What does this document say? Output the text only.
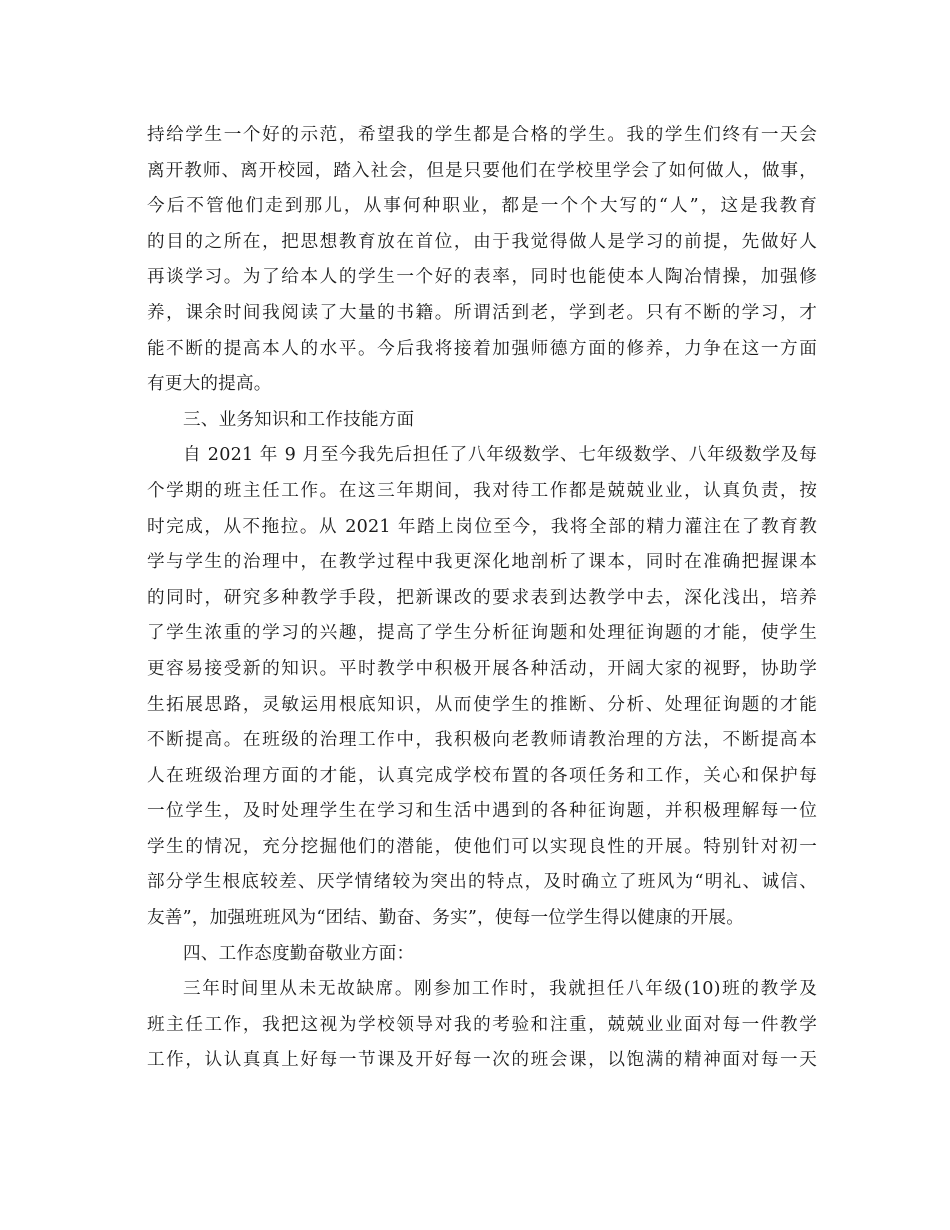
持给学生一个好的示范，希望我的学生都是合格的学生。我的学生们终有一天会
离开教师、离开校园，踏入社会，但是只要他们在学校里学会了如何做人，做事，
今后不管他们走到那儿，从事何种职业，都是一个个大写的“人”，这是我教育
的目的之所在，把思想教育放在首位，由于我觉得做人是学习的前提，先做好人
再谈学习。为了给本人的学生一个好的表率，同时也能使本人陶冶情操，加强修
养，课余时间我阅读了大量的书籍。所谓活到老，学到老。只有不断的学习，才
能不断的提高本人的水平。今后我将接着加强师德方面的修养，力争在这一方面
有更大的提高。
三、业务知识和工作技能方面
自 2021 年 9 月至今我先后担任了八年级数学、七年级数学、八年级数学及每
个学期的班主任工作。在这三年期间，我对待工作都是兢兢业业，认真负责，按
时完成，从不拖拉。从 2021 年踏上岗位至今，我将全部的精力灌注在了教育教
学与学生的治理中，在教学过程中我更深化地剖析了课本，同时在准确把握课本
的同时，研究多种教学手段，把新课改的要求表到达教学中去，深化浅出，培养
了学生浓重的学习的兴趣，提高了学生分析征询题和处理征询题的才能，使学生
更容易接受新的知识。平时教学中积极开展各种活动，开阔大家的视野，协助学
生拓展思路，灵敏运用根底知识，从而使学生的推断、分析、处理征询题的才能
不断提高。在班级的治理工作中，我积极向老教师请教治理的方法，不断提高本
人在班级治理方面的才能，认真完成学校布置的各项任务和工作，关心和保护每
一位学生，及时处理学生在学习和生活中遇到的各种征询题，并积极理解每一位
学生的情况，充分挖掘他们的潜能，使他们可以实现良性的开展。特别针对初一
部分学生根底较差、厌学情绪较为突出的特点，及时确立了班风为“明礼、诚信、
友善”，加强班班风为“团结、勤奋、务实”，使每一位学生得以健康的开展。
四、工作态度勤奋敬业方面：
三年时间里从未无故缺席。刚参加工作时，我就担任八年级(10)班的教学及
班主任工作，我把这视为学校领导对我的考验和注重，兢兢业业面对每一件教学
工作，认认真真上好每一节课及开好每一次的班会课，以饱满的精神面对每一天
